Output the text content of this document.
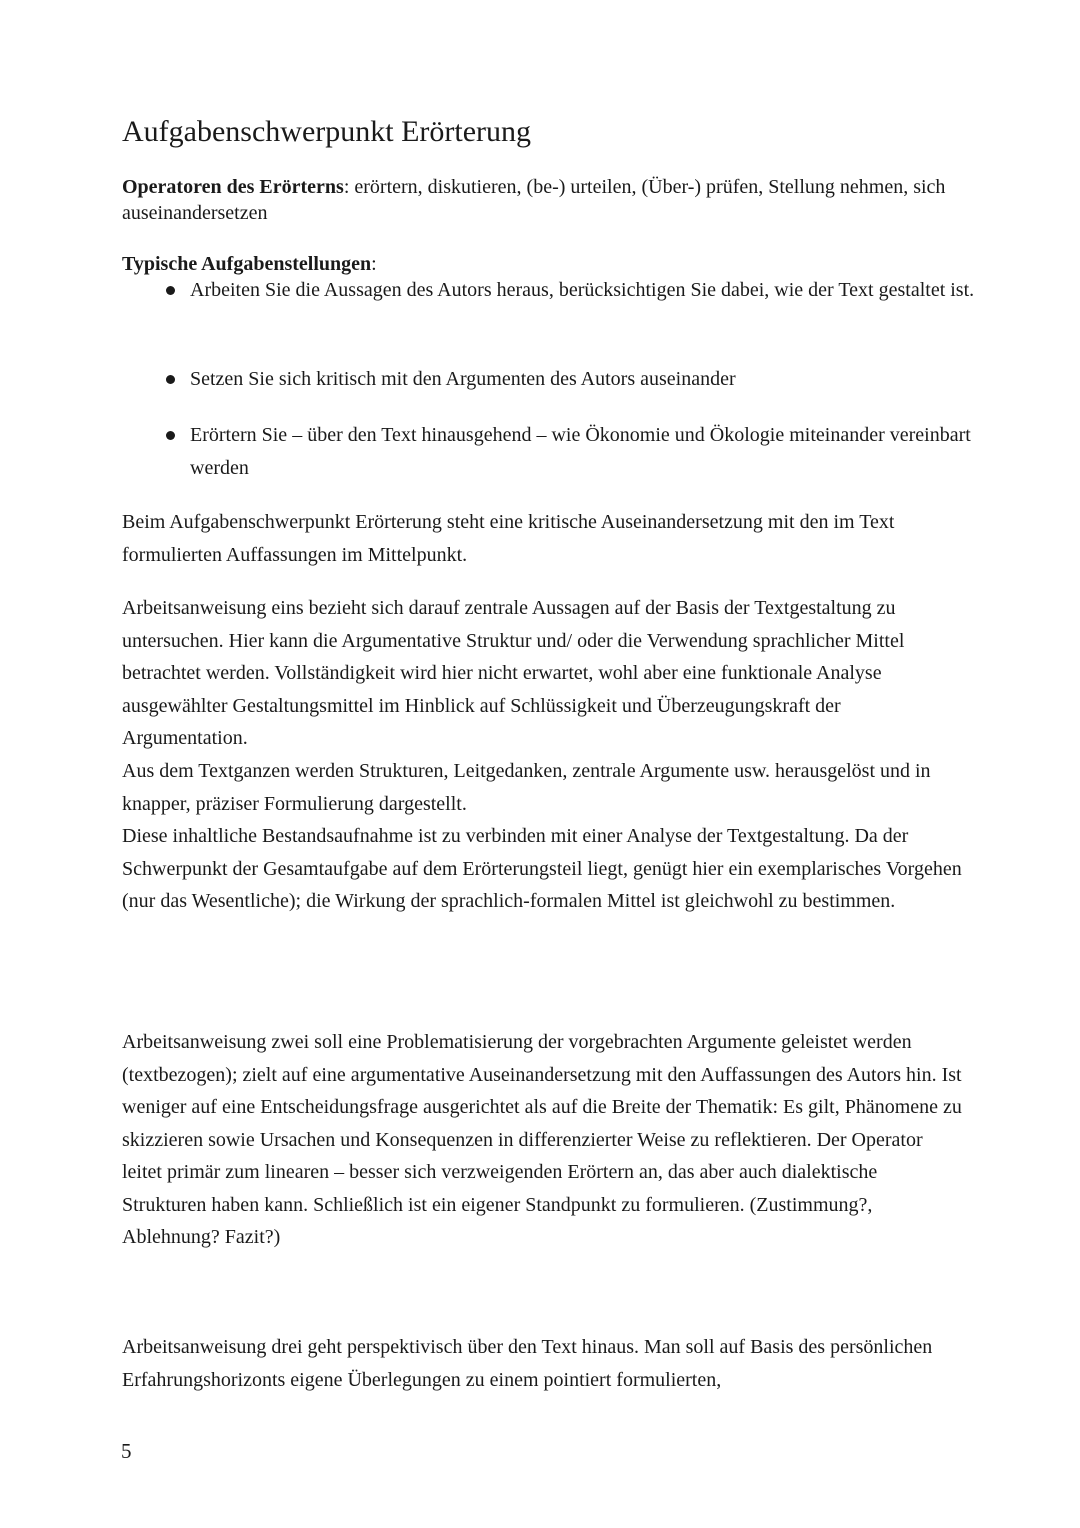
Aufgabenschwerpunkt Erörterung

Operatoren des Erörterns: erörtern, diskutieren, (be-) urteilen, (Über-) prüfen, Stellung nehmen, sich auseinandersetzen

Typische Aufgabenstellungen:

Arbeiten Sie die Aussagen des Autors heraus, berücksichtigen Sie dabei, wie der Text gestaltet ist.
Setzen Sie sich kritisch mit den Argumenten des Autors auseinander
Erörtern Sie – über den Text hinausgehend – wie Ökonomie und Ökologie miteinander vereinbart werden

Beim Aufgabenschwerpunkt Erörterung steht eine kritische Auseinandersetzung mit den im Text formulierten Auffassungen im Mittelpunkt.

Arbeitsanweisung eins bezieht sich darauf zentrale Aussagen auf der Basis der Textgestaltung zu untersuchen. Hier kann die Argumentative Struktur und/ oder die Verwendung sprachlicher Mittel betrachtet werden. Vollständigkeit wird hier nicht erwartet, wohl aber eine funktionale Analyse ausgewählter Gestaltungsmittel im Hinblick auf Schlüssigkeit und Überzeugungskraft der Argumentation.

Aus dem Textganzen werden Strukturen, Leitgedanken, zentrale Argumente usw. herausgelöst und in knapper, präziser Formulierung dargestellt.

Diese inhaltliche Bestandsaufnahme ist zu verbinden mit einer Analyse der Textgestaltung. Da der Schwerpunkt der Gesamtaufgabe auf dem Erörterungsteil liegt, genügt hier ein exemplarisches Vorgehen (nur das Wesentliche); die Wirkung der sprachlich-formalen Mittel ist gleichwohl zu bestimmen.

Arbeitsanweisung zwei soll eine Problematisierung der vorgebrachten Argumente geleistet werden (textbezogen); zielt auf eine argumentative Auseinandersetzung mit den Auffassungen des Autors hin. Ist weniger auf eine Entscheidungsfrage ausgerichtet als auf die Breite der Thematik: Es gilt, Phänomene zu skizzieren sowie Ursachen und Konsequenzen in differenzierter Weise zu reflektieren. Der Operator leitet primär zum linearen – besser sich verzweigenden Erörtern an, das aber auch dialektische Strukturen haben kann. Schließlich ist ein eigener Standpunkt zu formulieren. (Zustimmung?, Ablehnung? Fazit?)

Arbeitsanweisung drei geht perspektivisch über den Text hinaus. Man soll auf Basis des persönlichen Erfahrungshorizonts eigene Überlegungen zu einem pointiert formulierten,

5
